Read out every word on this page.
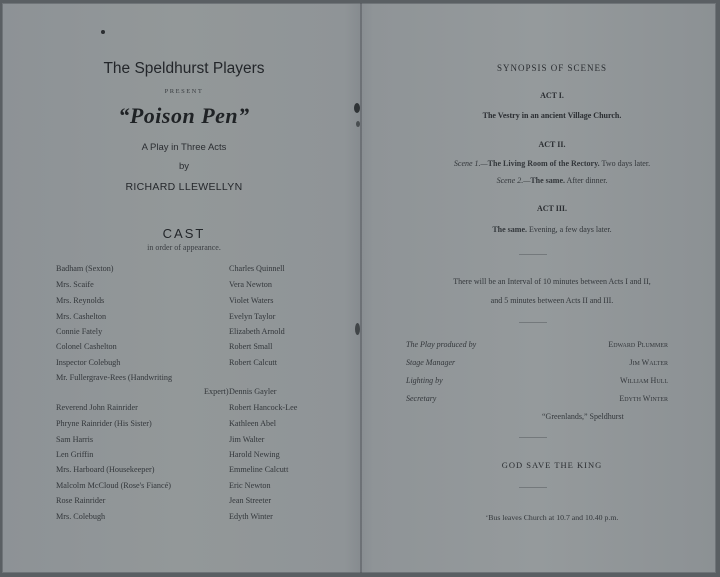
The Speldhurst Players
PRESENT
“Poison Pen”
A Play in Three Acts
by
RICHARD LLEWELLYN
CAST
in order of appearance.
Badham (Sexton)	Charles Quinnell
Mrs. Scaife	Vera Newton
Mrs. Reynolds	Violet Waters
Mrs. Cashelton	Evelyn Taylor
Connie Fately	Elizabeth Arnold
Colonel Cashelton	Robert Small
Inspector Colebugh	Robert Calcutt
Mr. Fullergrave-Rees (Handwriting
Expert) Dennis Gayler
Reverend John Rainrider	Robert Hancock-Lee
Phryne Rainrider (His Sister)	Kathleen Abel
Sam Harris	Jim Walter
Len Griffin	Harold Newing
Mrs. Harboard (Housekeeper)	Emmeline Calcutt
Malcolm McCloud (Rose's Fiancé)	Eric Newton
Rose Rainrider	Jean Streeter
Mrs. Colebugh	Edyth Winter
SYNOPSIS OF SCENES
ACT I.
The Vestry in an ancient Village Church.
ACT II.
Scene 1.—The Living Room of the Rectory. Two days later.
Scene 2.—The same. After dinner.
ACT III.
The same. Evening, a few days later.
There will be an Interval of 10 minutes between Acts I and II,
and 5 minutes between Acts II and III.
The Play produced by	Edward Plummer
Stage Manager	Jim Walter
Lighting by	William Hull
Secretary	Edyth Winter
“Greenlands,” Speldhurst
GOD SAVE THE KING
‘Bus leaves Church at 10.7 and 10.40 p.m.
